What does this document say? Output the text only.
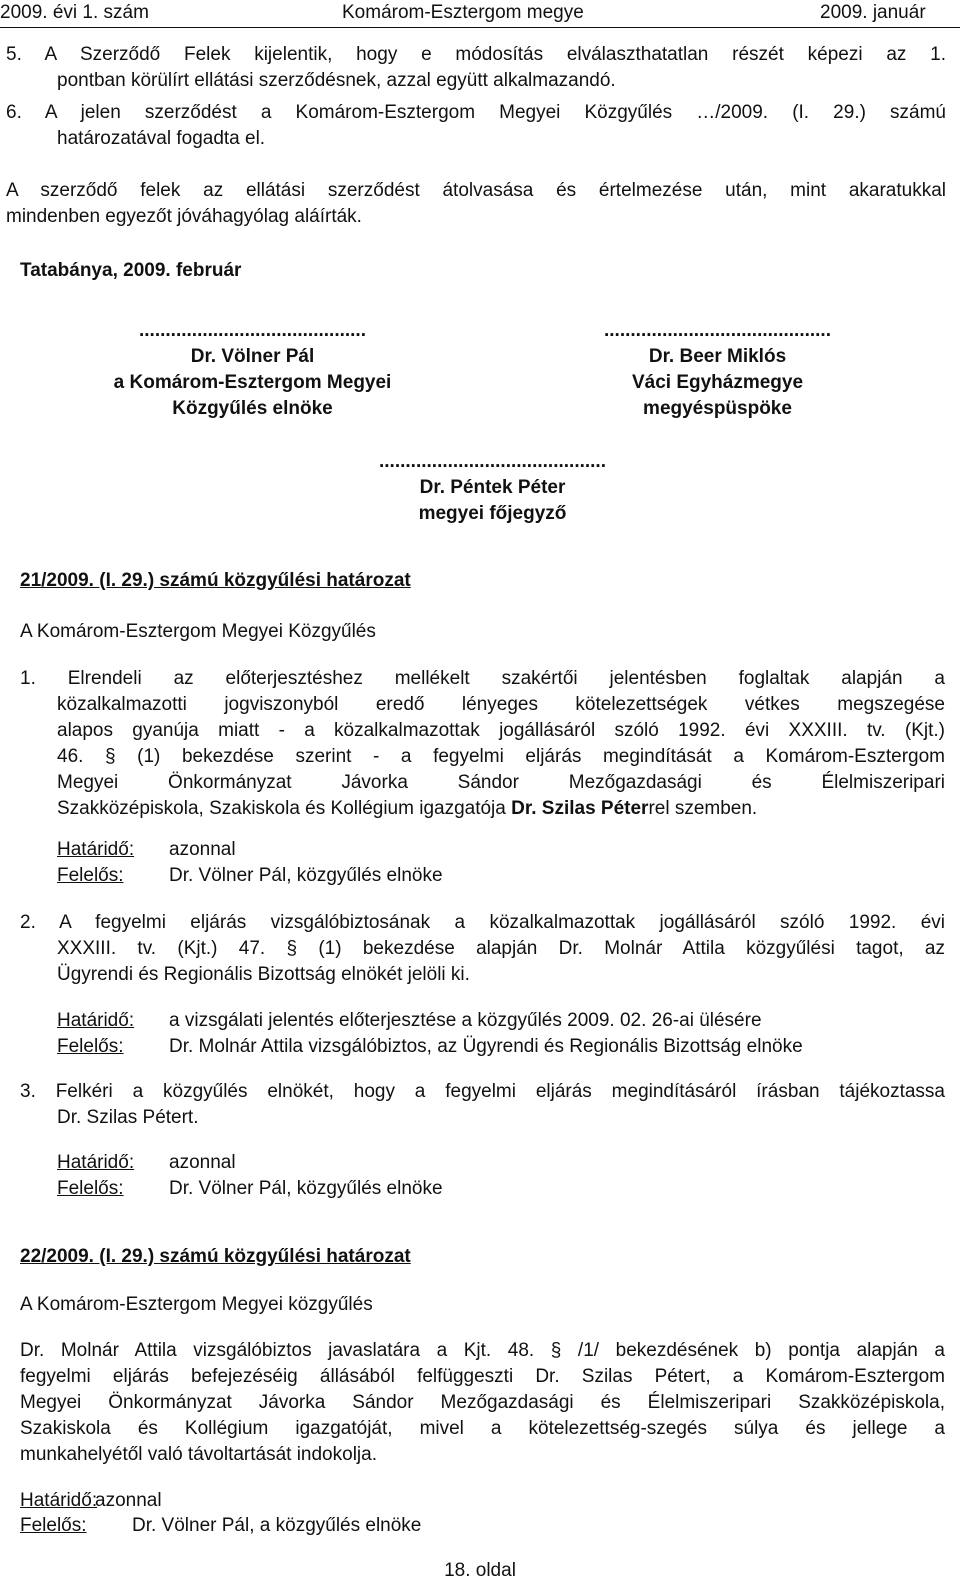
2009. évi 1. szám	Komárom-Esztergom megye	2009. január
5. A Szerződő Felek kijelentik, hogy e módosítás elválaszthatatlan részét képezi az 1.
pontban körülírt ellátási szerződésnek, azzal együtt alkalmazandó.
6. A jelen szerződést a Komárom-Esztergom Megyei Közgyűlés …/2009. (I. 29.) számú
határozatával fogadta el.
A szerződő felek az ellátási szerződést átolvasása és értelmezése után, mint akaratukkal
mindenben egyezőt jóváhagyólag aláírták.
Tatabánya, 2009. február
...........................................
Dr. Völner Pál
a Komárom-Esztergom Megyei
Közgyűlés elnöke
...........................................
Dr. Beer Miklós
Váci Egyházmegye
megyéspüspöke
...........................................
Dr. Péntek Péter
megyei főjegyző
21/2009. (I. 29.) számú közgyűlési határozat
A Komárom-Esztergom Megyei Közgyűlés
1. Elrendeli az előterjesztéshez mellékelt szakértői jelentésben foglaltak alapján a
közalkalmazotti jogviszonyból eredő lényeges kötelezettségek vétkes megszegése
alapos gyanúja miatt - a közalkalmazottak jogállásáról szóló 1992. évi XXXIII. tv. (Kjt.)
46. § (1) bekezdése szerint - a fegyelmi eljárás megindítását a Komárom-Esztergom
Megyei Önkormányzat Jávorka Sándor Mezőgazdasági és Élelmiszeripari
Szakközépiskola, Szakiskola és Kollégium igazgatója Dr. Szilas Péterrel szemben.
Határidő: azonnal
Felelős: Dr. Völner Pál, közgyűlés elnöke
2. A fegyelmi eljárás vizsgálóbiztosának a közalkalmazottak jogállásáról szóló 1992. évi
XXXIII. tv. (Kjt.) 47. § (1) bekezdése alapján Dr. Molnár Attila közgyűlési tagot, az
Ügyrendi és Regionális Bizottság elnökét jelöli ki.
Határidő: a vizsgálati jelentés előterjesztése a közgyűlés 2009. 02. 26-ai ülésére
Felelős: Dr. Molnár Attila vizsgálóbiztos, az Ügyrendi és Regionális Bizottság elnöke
3. Felkéri a közgyűlés elnökét, hogy a fegyelmi eljárás megindításáról írásban tájékoztassa
Dr. Szilas Pétert.
Határidő: azonnal
Felelős: Dr. Völner Pál, közgyűlés elnöke
22/2009. (I. 29.) számú közgyűlési határozat
A Komárom-Esztergom Megyei közgyűlés
Dr. Molnár Attila vizsgálóbiztos javaslatára a Kjt. 48. § /1/ bekezdésének b) pontja alapján a
fegyelmi eljárás befejezéséig állásából felfüggeszti Dr. Szilas Pétert, a Komárom-Esztergom
Megyei Önkormányzat Jávorka Sándor Mezőgazdasági és Élelmiszeripari Szakközépiskola,
Szakiskola és Kollégium igazgatóját, mivel a kötelezettség-szegés súlya és jellege a
munkahelyétől való távoltartását indokolja.
Határidő:azonnal
Felelős: Dr. Völner Pál, a közgyűlés elnöke
18. oldal
